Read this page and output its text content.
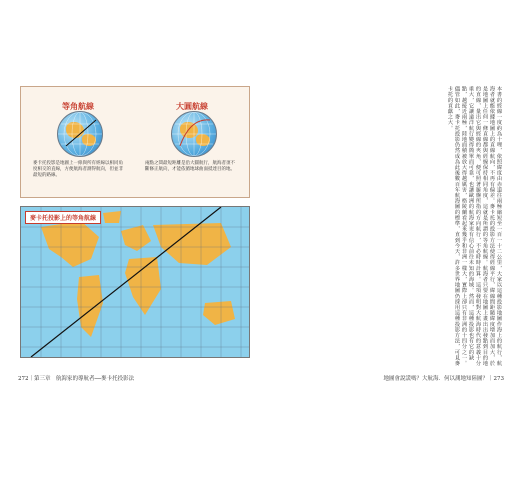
等角航線	大圓航線
麥卡托投影是地圖上一條與所有經線以相同角度相交的直線，方便航海者測得航向，但並非最短的路線。
兩點之間最短距離是沿大圓航行，航海者須不斷修正航向，才能依循地球曲面抵達目的地。
麥卡托投影上的等角航線
272｜第三章　航海家的導航者──麥卡托投影法
本書的經線一度約為十哩，依照緯度由赤道往兩極縮短至一百一十二公里，大家以這種投影地圖作海上的航行，航海者就能依據地圖上的直線航向，不再有偏差。麥卡托的投影方法使得經線平行，緯線間距隨緯度增加而加大，於是地圖上任何一條直線都與經線保持相同角度，這就是所謂的等角航線。航海者只要在地圖上畫出出發點到目的地的直線，量出它與經線的夾角，便可照著羅盤所指的方向航行，不必時時計算。這項發明對大航海時代的意義十分重大，它讓遠洋航行變得簡單而可靠，也讓歐洲的航海家更有信心前往未知的海域。然而，這種投影也有它的缺點，越接近兩極，陸地面積被放大得越厲害，格陵蘭看起來幾乎和非洲一樣大，實際上卻只有非洲的十四分之一。儘管如此，麥卡托投影仍然成為此後數百年航海圖的標準，直到今天，許多世界地圖仍採用這種投影方法，可見麥卡托的貢獻之大。
地圖會說謊嗎？大航海．何以測地知陸圖？｜273
